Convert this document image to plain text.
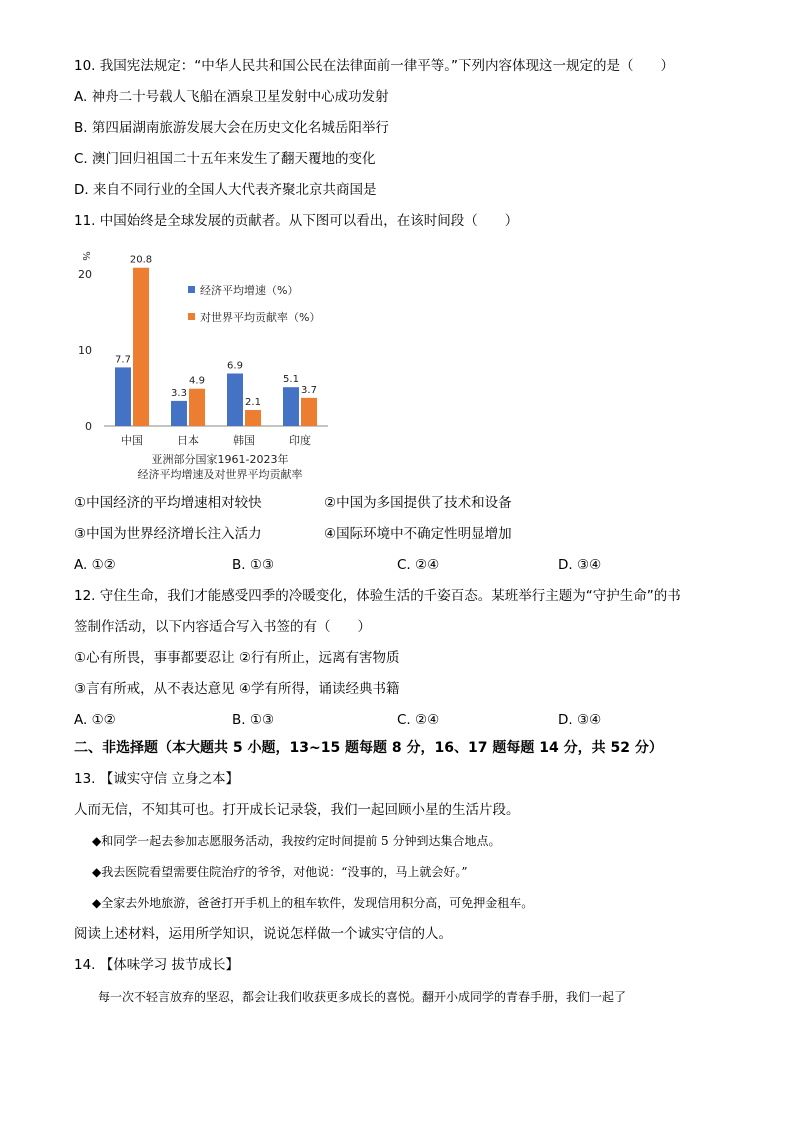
10. 我国宪法规定：“中华人民共和国公民在法律面前一律平等。”下列内容体现这一规定的是（　　）
A. 神舟二十号载人飞船在酒泉卫星发射中心成功发射
B. 第四届湖南旅游发展大会在历史文化名城岳阳举行
C. 澳门回归祖国二十五年来发生了翻天覆地的变化
D. 来自不同行业的全国人大代表齐聚北京共商国是
11. 中国始终是全球发展的贡献者。从下图可以看出，在该时间段（　　）
%
0
10
20
7.7
20.8
中国
3.3
4.9
日本
6.9
2.1
韩国
5.1
3.7
印度
经济平均增速（%）
对世界平均贡献率（%）
亚洲部分国家1961-2023年
经济平均增速及对世界平均贡献率
①中国经济的平均增速相对较快	②中国为多国提供了技术和设备
③中国为世界经济增长注入活力	④国际环境中不确定性明显增加
A. ①②	B. ①③	C. ②④	D. ③④
12. 守住生命，我们才能感受四季的冷暖变化，体验生活的千姿百态。某班举行主题为“守护生命”的书
签制作活动，以下内容适合写入书签的有（　　）
①心有所畏，事事都要忍让 ②行有所止，远离有害物质
③言有所戒，从不表达意见 ④学有所得，诵读经典书籍
A. ①②	B. ①③	C. ②④	D. ③④
二、非选择题（本大题共 5 小题，13~15 题每题 8 分，16、17 题每题 14 分，共 52 分）
13. 【诚实守信 立身之本】
人而无信，不知其可也。打开成长记录袋，我们一起回顾小星的生活片段。
◆和同学一起去参加志愿服务活动，我按约定时间提前 5 分钟到达集合地点。
◆我去医院看望需要住院治疗的爷爷，对他说：“没事的，马上就会好。”
◆全家去外地旅游，爸爸打开手机上的租车软件，发现信用积分高，可免押金租车。
阅读上述材料，运用所学知识，说说怎样做一个诚实守信的人。
14. 【体味学习 拔节成长】
每一次不轻言放弃的坚忍，都会让我们收获更多成长的喜悦。翻开小成同学的青春手册，我们一起了
